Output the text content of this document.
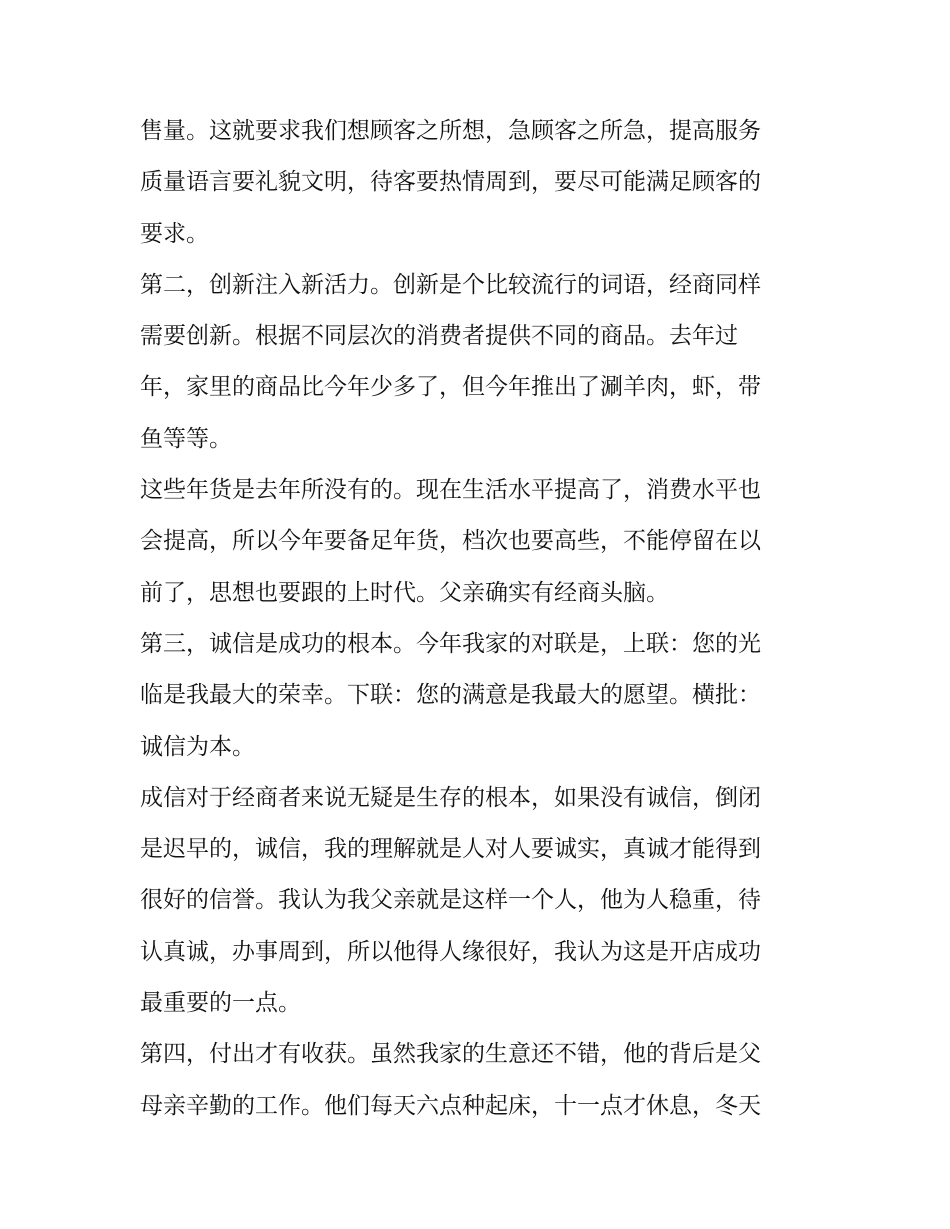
售量。这就要求我们想顾客之所想，急顾客之所急，提高服务
质量语言要礼貌文明，待客要热情周到，要尽可能满足顾客的
要求。
第二，创新注入新活力。创新是个比较流行的词语，经商同样
需要创新。根据不同层次的消费者提供不同的商品。去年过
年，家里的商品比今年少多了，但今年推出了涮羊肉，虾，带
鱼等等。
这些年货是去年所没有的。现在生活水平提高了，消费水平也
会提高，所以今年要备足年货，档次也要高些，不能停留在以
前了，思想也要跟的上时代。父亲确实有经商头脑。
第三，诚信是成功的根本。今年我家的对联是，上联：您的光
临是我最大的荣幸。下联：您的满意是我最大的愿望。横批：
诚信为本。
成信对于经商者来说无疑是生存的根本，如果没有诚信，倒闭
是迟早的，诚信，我的理解就是人对人要诚实，真诚才能得到
很好的信誉。我认为我父亲就是这样一个人，他为人稳重，待
认真诚，办事周到，所以他得人缘很好，我认为这是开店成功
最重要的一点。
第四，付出才有收获。虽然我家的生意还不错，他的背后是父
母亲辛勤的工作。他们每天六点种起床，十一点才休息，冬天
